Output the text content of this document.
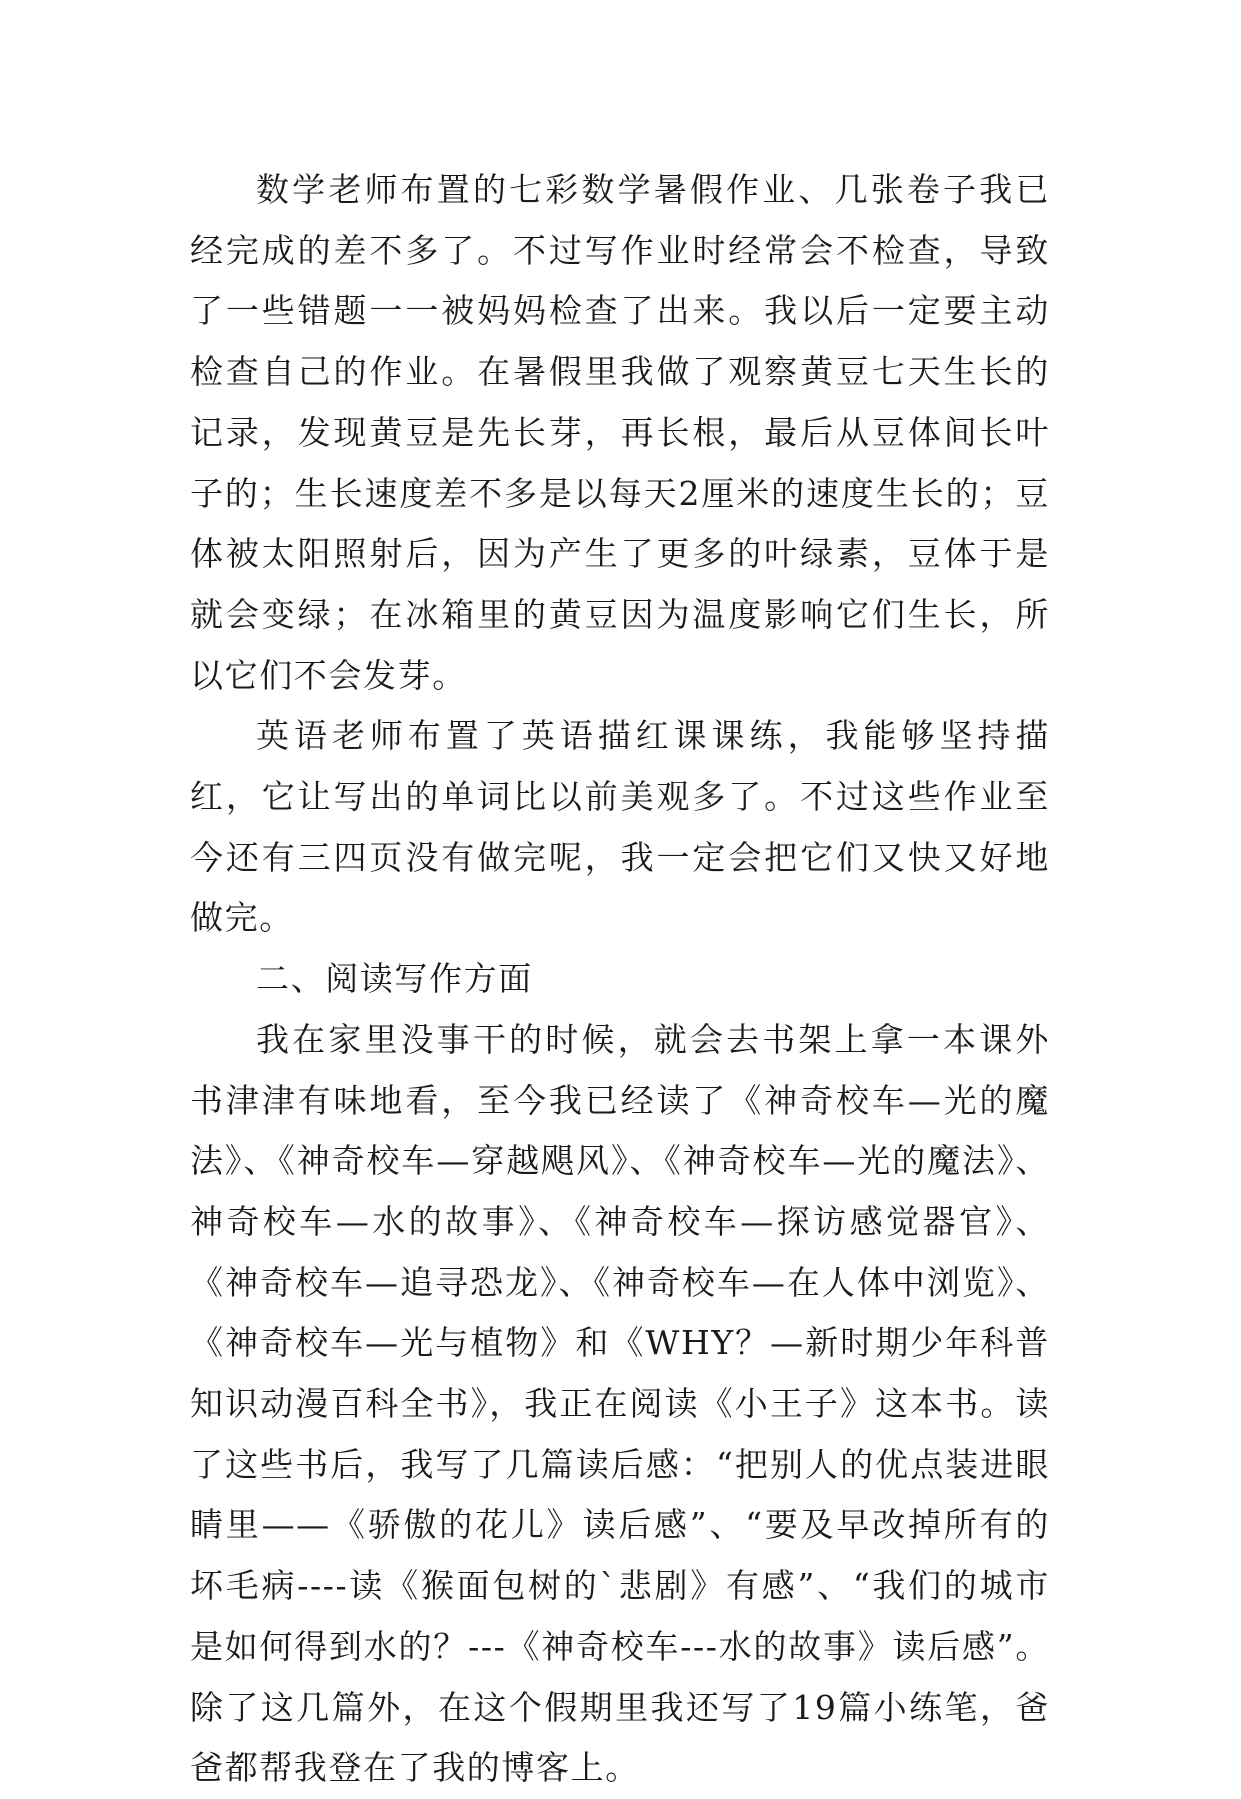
数学老师布置的七彩数学暑假作业、几张卷子我已经完成的差不多了。不过写作业时经常会不检查，导致了一些错题一一被妈妈检查了出来。我以后一定要主动检查自己的作业。在暑假里我做了观察黄豆七天生长的记录，发现黄豆是先长芽，再长根，最后从豆体间长叶子的；生长速度差不多是以每天2厘米的速度生长的；豆体被太阳照射后，因为产生了更多的叶绿素，豆体于是就会变绿；在冰箱里的黄豆因为温度影响它们生长，所以它们不会发芽。

英语老师布置了英语描红课课练，我能够坚持描红，它让写出的单词比以前美观多了。不过这些作业至今还有三四页没有做完呢，我一定会把它们又快又好地做完。

二、阅读写作方面

我在家里没事干的时候，就会去书架上拿一本课外书津津有味地看，至今我已经读了《神奇校车—光的魔法》、《神奇校车—穿越飓风》、《神奇校车—光的魔法》、神奇校车—水的故事》、《神奇校车—探访感觉器官》、《神奇校车—追寻恐龙》、《神奇校车—在人体中浏览》、《神奇校车—光与植物》和《WHY？—新时期少年科普知识动漫百科全书》，我正在阅读《小王子》这本书。读了这些书后，我写了几篇读后感：“把别人的优点装进眼睛里——《骄傲的花儿》读后感”、“要及早改掉所有的坏毛病----读《猴面包树的`悲剧》有感”、“我们的城市是如何得到水的？---《神奇校车---水的故事》读后感”。除了这几篇外，在这个假期里我还写了19篇小练笔，爸爸都帮我登在了我的博客上。
